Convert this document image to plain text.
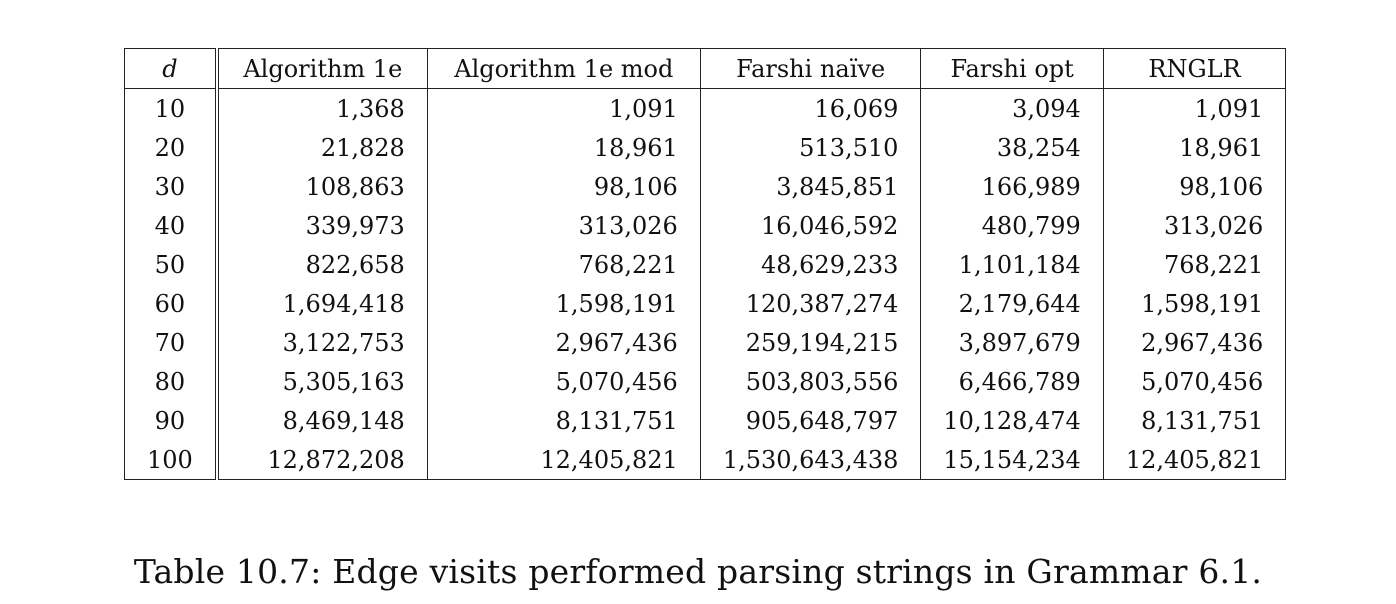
d	Algorithm 1e	Algorithm 1e mod	Farshi naïve	Farshi opt	RNGLR
10	1,368	1,091	16,069	3,094	1,091
20	21,828	18,961	513,510	38,254	18,961
30	108,863	98,106	3,845,851	166,989	98,106
40	339,973	313,026	16,046,592	480,799	313,026
50	822,658	768,221	48,629,233	1,101,184	768,221
60	1,694,418	1,598,191	120,387,274	2,179,644	1,598,191
70	3,122,753	2,967,436	259,194,215	3,897,679	2,967,436
80	5,305,163	5,070,456	503,803,556	6,466,789	5,070,456
90	8,469,148	8,131,751	905,648,797	10,128,474	8,131,751
100	12,872,208	12,405,821	1,530,643,438	15,154,234	12,405,821
Table 10.7: Edge visits performed parsing strings in Grammar 6.1.
